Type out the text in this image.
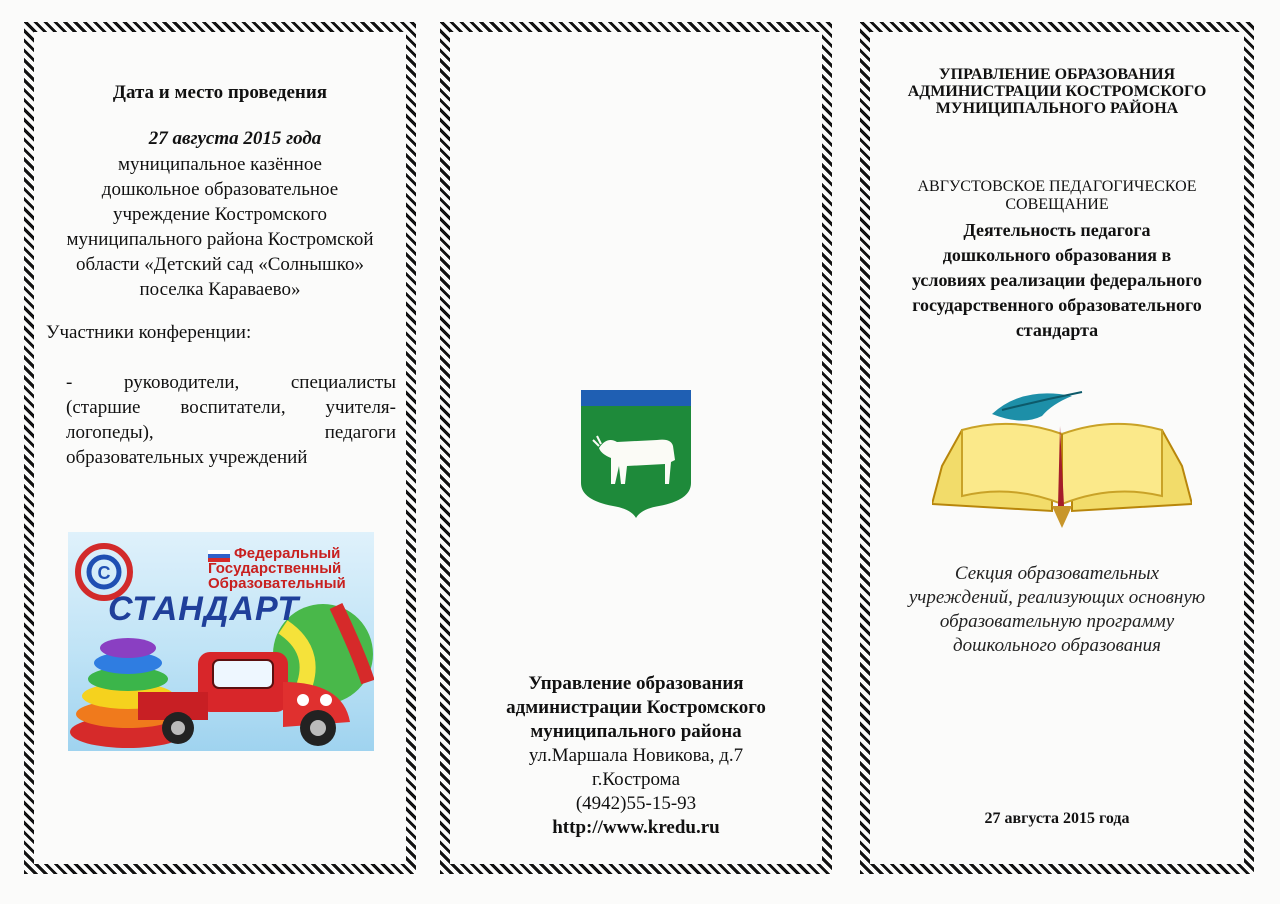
Дата и место проведения
27 августа 2015 года
муниципальное казённое
дошкольное образовательное
учреждение Костромского
муниципального района Костромской
области «Детский сад «Солнышко»
поселка Караваево»
Участники конференции:
- руководители, специалисты
(старшие воспитатели, учителя-
логопеды), педагоги
образовательных учреждений
C
Федеральный
Государственный
Образовательный
СТАНДАРТ
Управление образования
администрации Костромского
муниципального района
ул.Маршала Новикова, д.7
г.Кострома
(4942)55-15-93
http://www.kredu.ru
УПРАВЛЕНИЕ ОБРАЗОВАНИЯ
АДМИНИСТРАЦИИ КОСТРОМСКОГО
МУНИЦИПАЛЬНОГО РАЙОНА
АВГУСТОВСКОЕ ПЕДАГОГИЧЕСКОЕ
СОВЕЩАНИЕ
Деятельность педагога
дошкольного образования в
условиях реализации федерального
государственного образовательного
стандарта
Секция образовательных
учреждений, реализующих основную
образовательную программу
дошкольного образования
27 августа 2015 года
